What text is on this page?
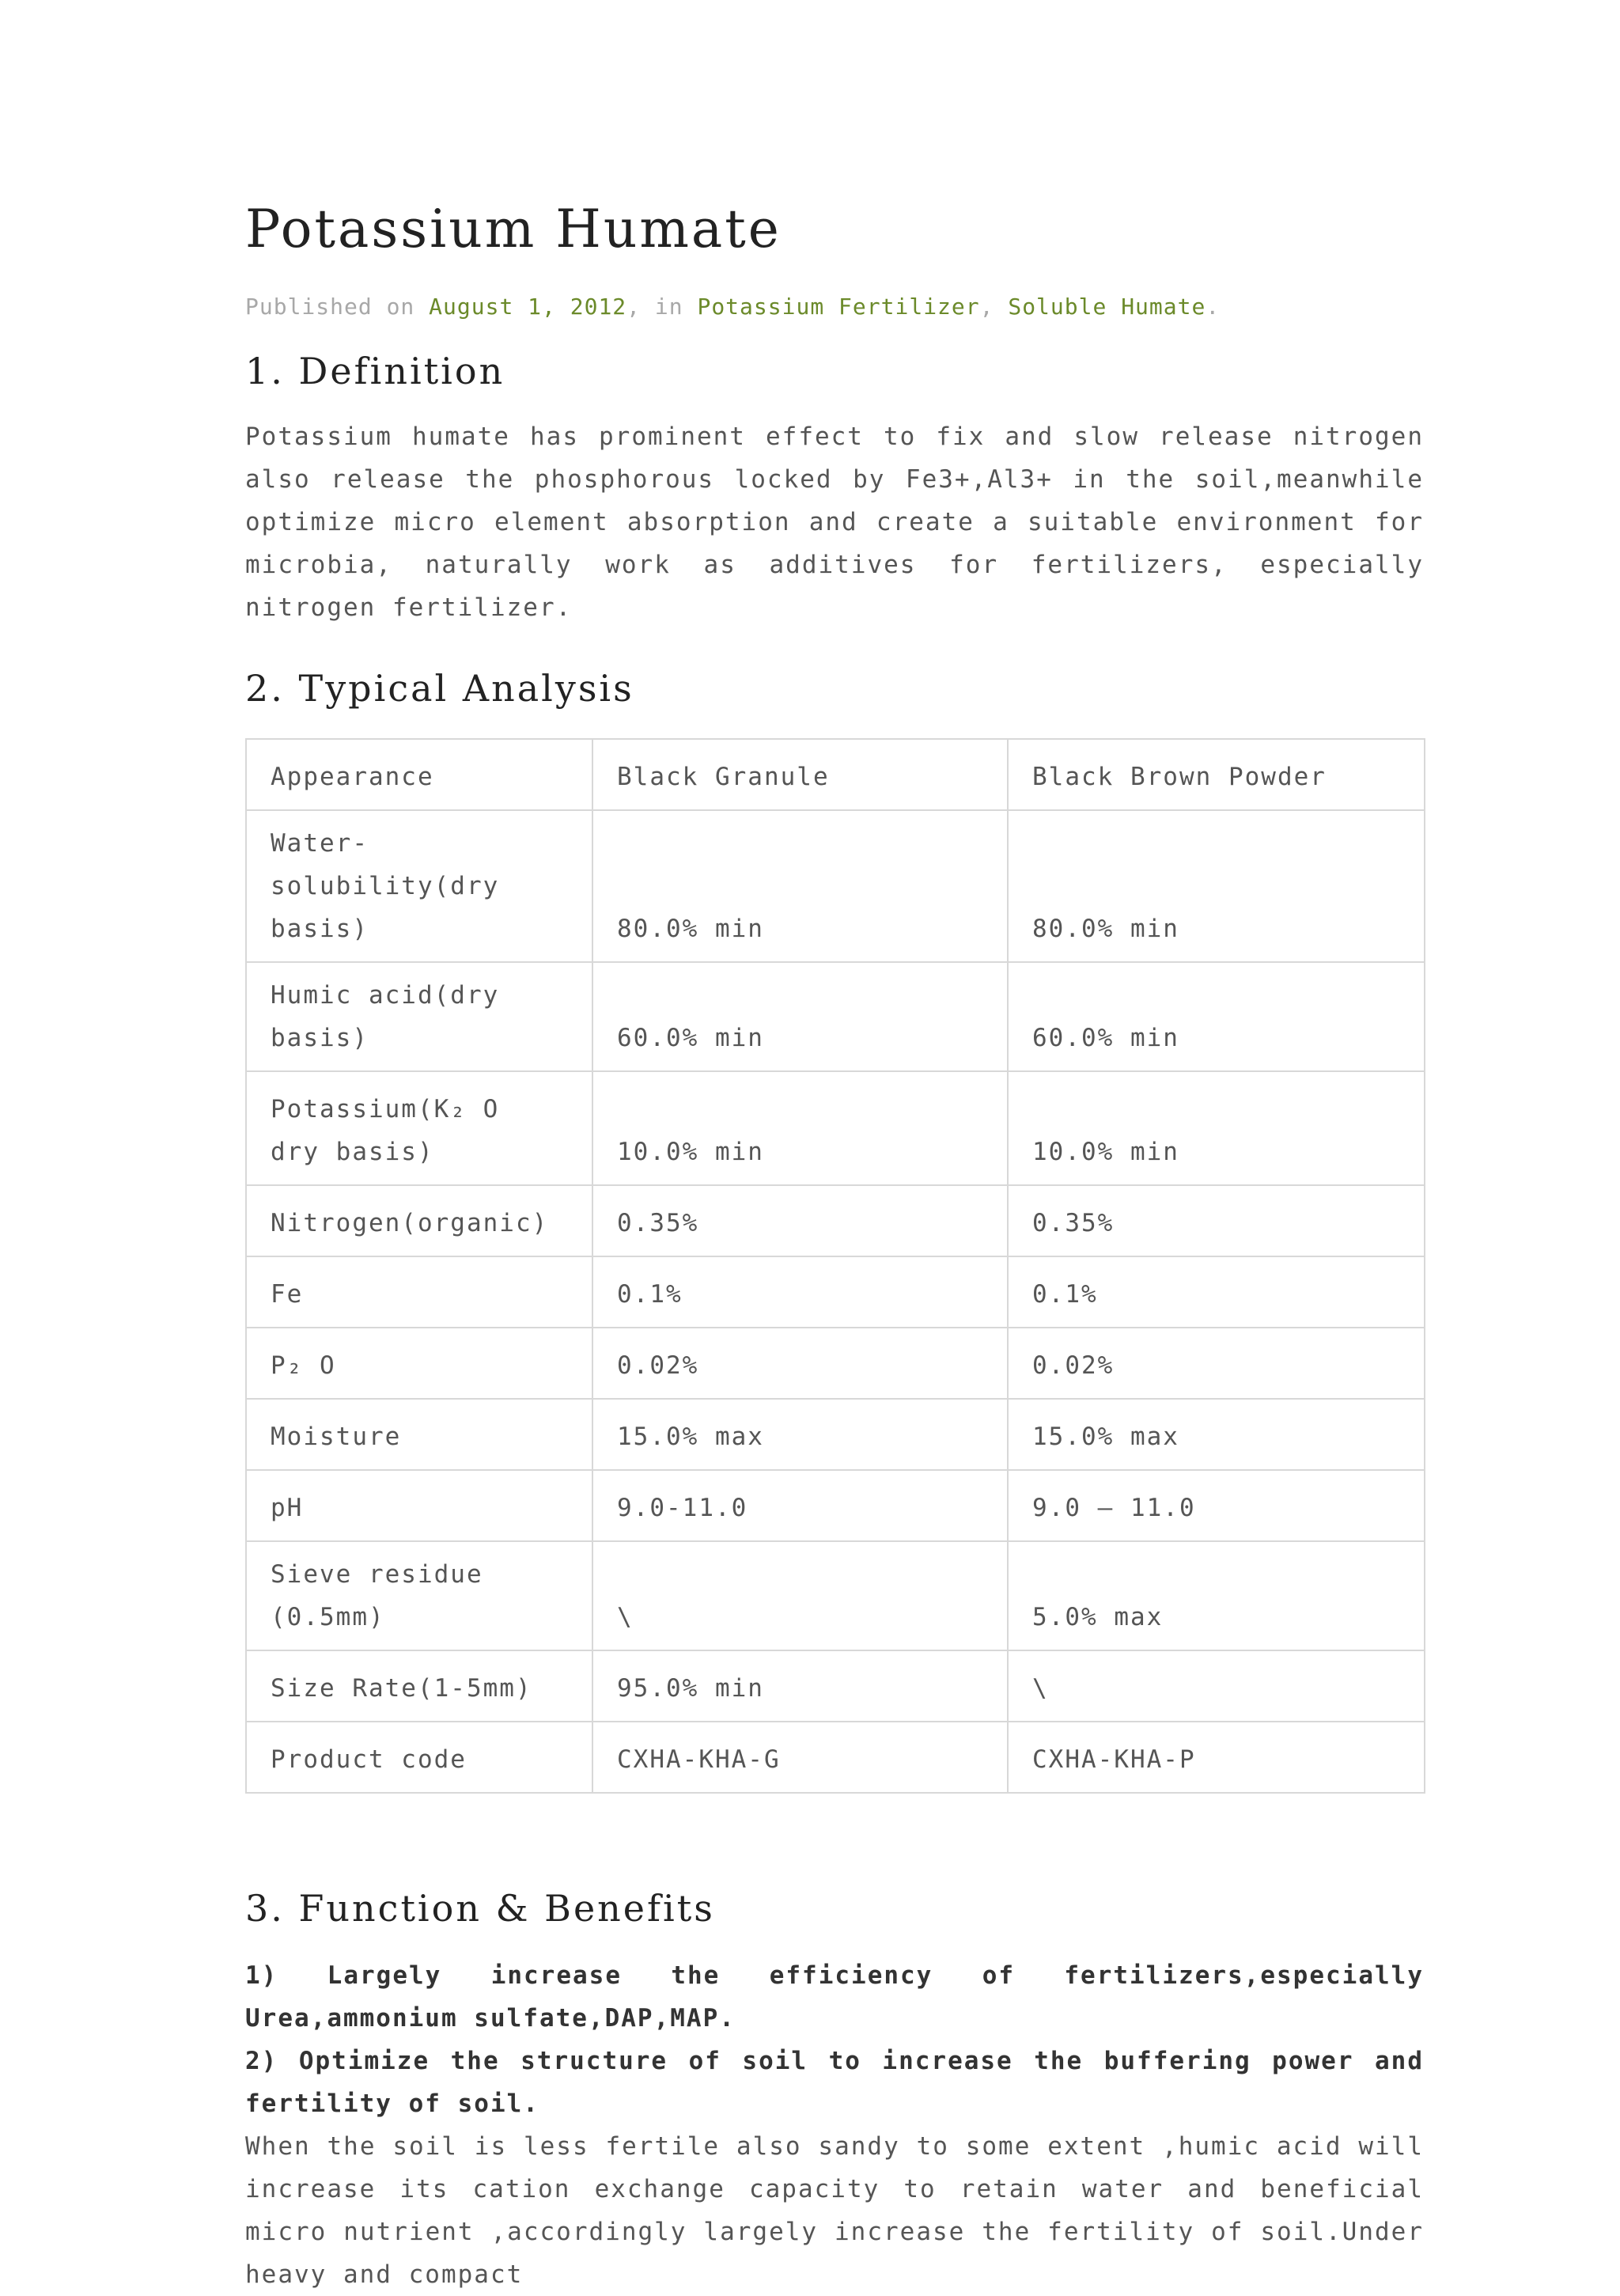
Potassium Humate
Published on August 1, 2012, in Potassium Fertilizer, Soluble Humate.
1. Definition

Potassium humate has prominent effect to fix and slow release nitrogen also release the phosphorous locked by Fe3+,Al3+ in the soil,meanwhile optimize micro element absorption and create a suitable environment for microbia, naturally work as additives for fertilizers, especially nitrogen fertilizer.

2. Typical Analysis
Appearance	Black Granule	Black Brown Powder
Water-solubility(dry basis)	80.0% min	80.0% min
Humic acid(dry basis)	60.0% min	60.0% min
Potassium(K₂ O     dry basis)	10.0% min	10.0% min
Nitrogen(organic)	0.35%	0.35%
Fe	0.1%	0.1%
P₂ O	0.02%	0.02%
Moisture	15.0% max	15.0% max
pH	9.0-11.0	9.0 – 11.0
Sieve residue (0.5mm)	\	5.0% max
Size Rate(1-5mm)	95.0% min	\
Product code	CXHA-KHA-G	CXHA-KHA-P
3. Function & Benefits
1) Largely increase the efficiency of fertilizers,especially Urea,ammonium sulfate,DAP,MAP.
2) Optimize the structure of soil to increase the buffering power and fertility of soil.

When the soil is less fertile also sandy to some extent ,humic acid will increase its cation exchange capacity to retain water and beneficial micro nutrient ,accordingly largely increase the fertility of soil.Under heavy and compact
